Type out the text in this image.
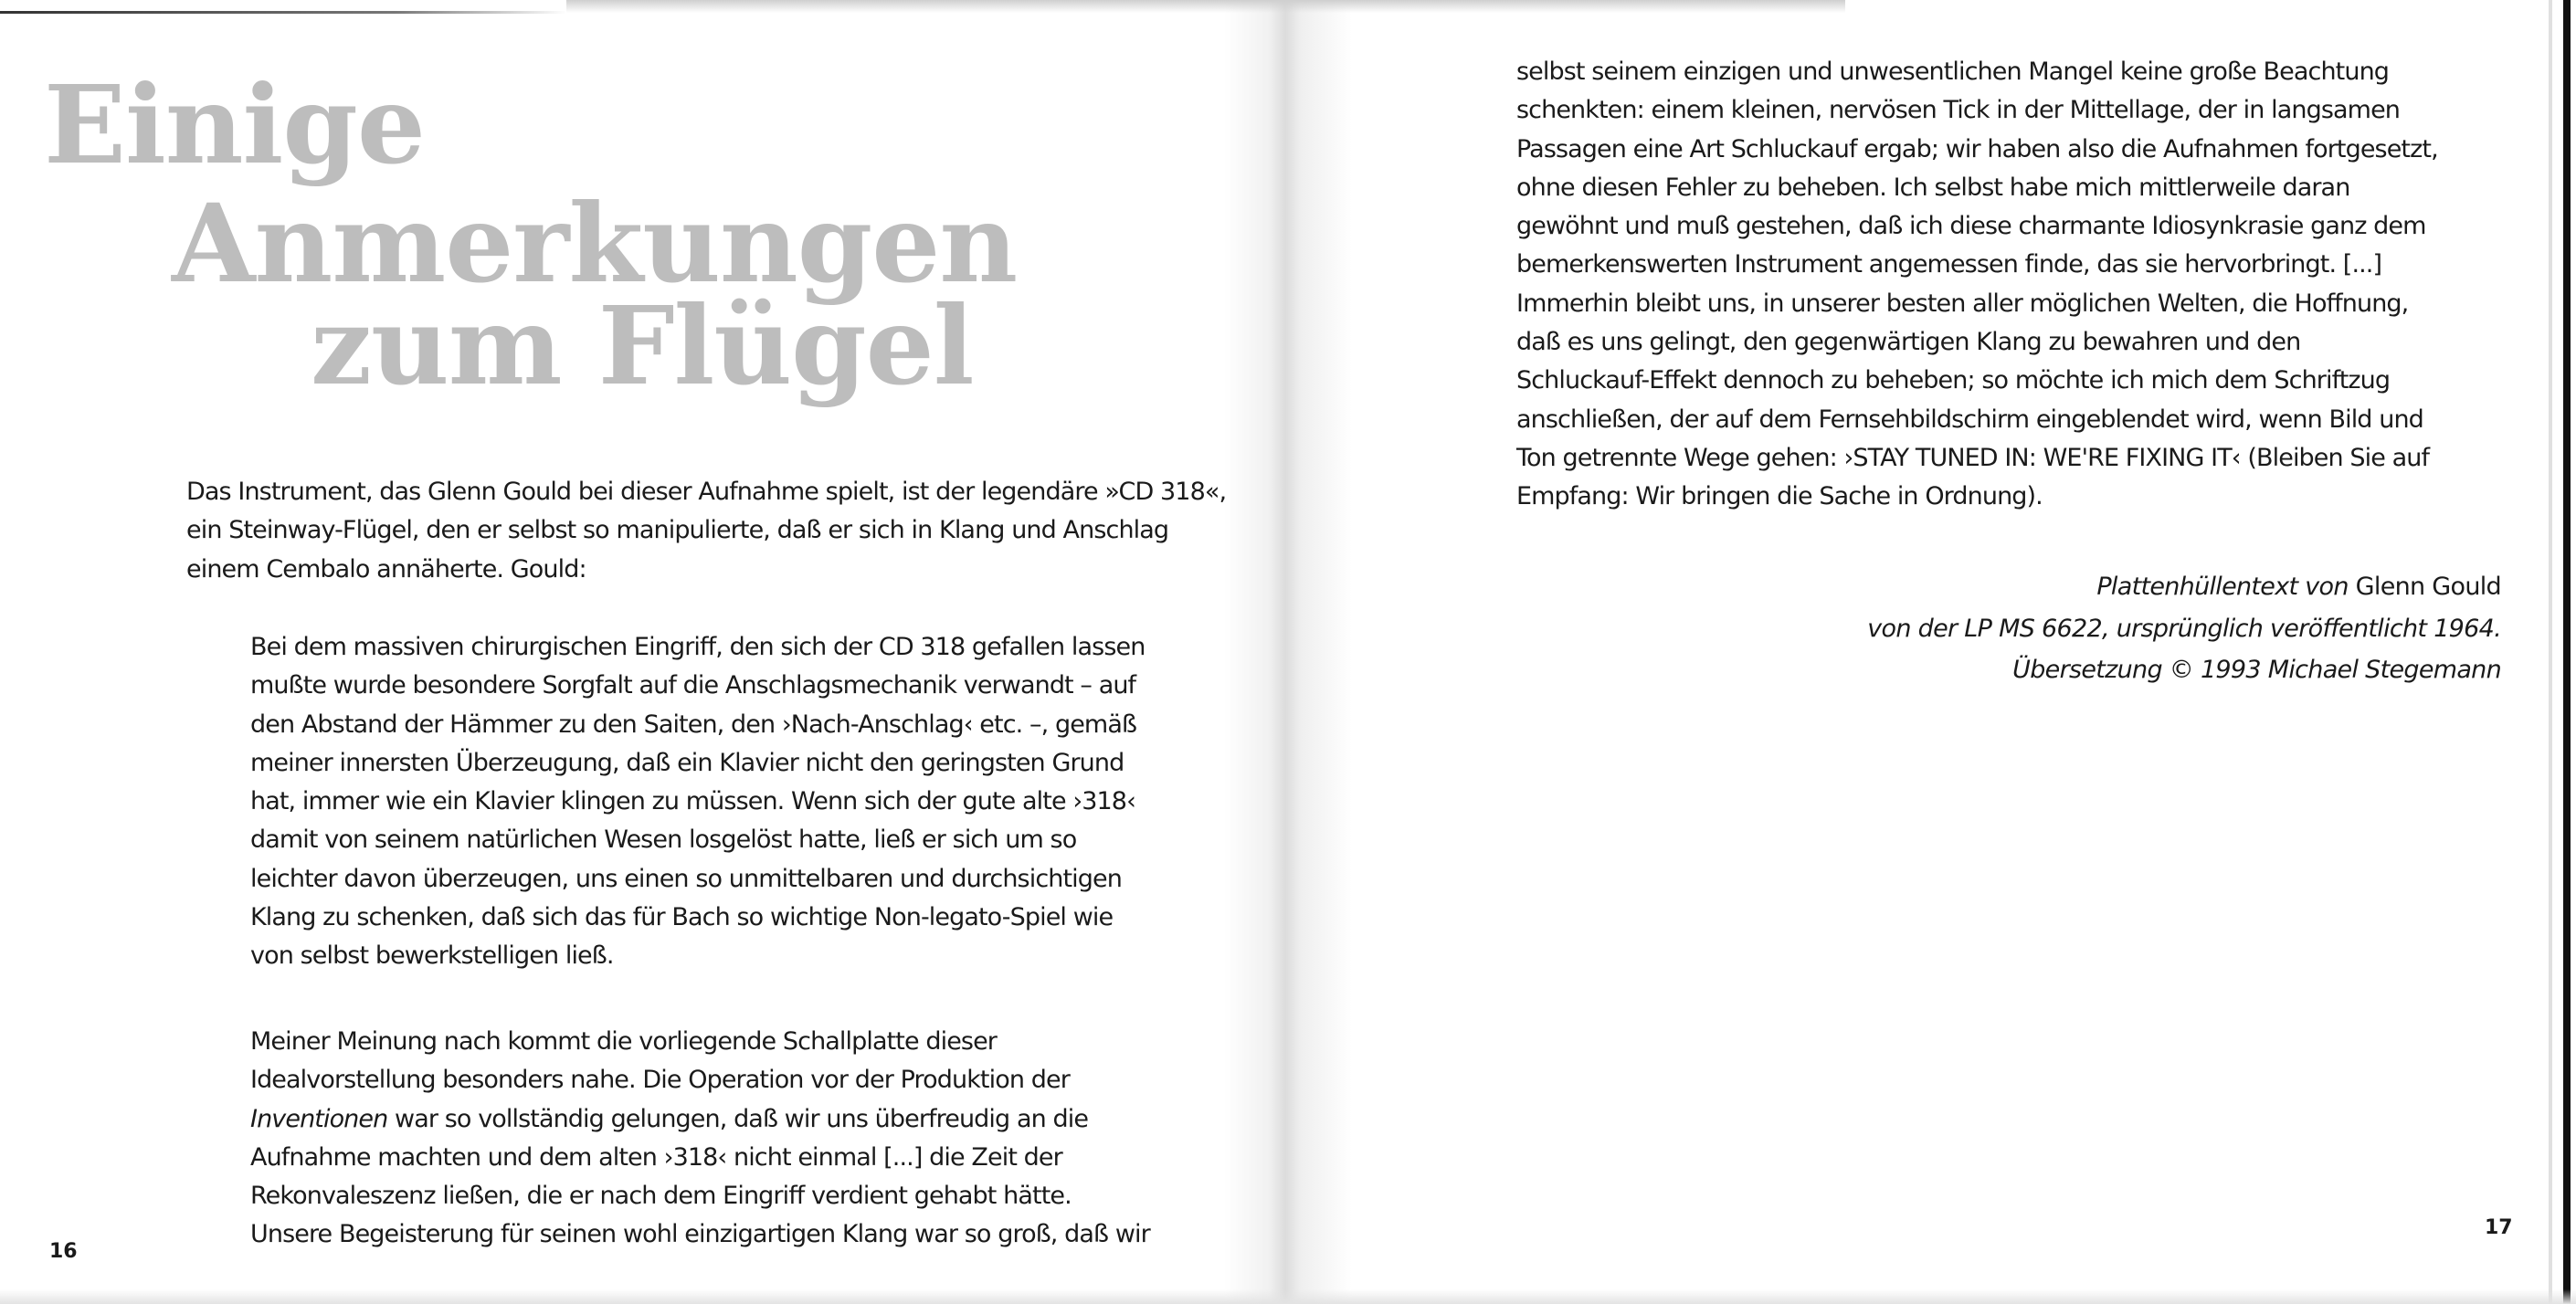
Einige
Anmerkungen
zum Flügel
Das Instrument, das Glenn Gould bei dieser Aufnahme spielt, ist der legendäre »CD 318«,
ein Steinway-Flügel, den er selbst so manipulierte, daß er sich in Klang und Anschlag
einem Cembalo annäherte. Gould:
Bei dem massiven chirurgischen Eingriff, den sich der CD 318 gefallen lassen
mußte wurde besondere Sorgfalt auf die Anschlagsmechanik verwandt – auf
den Abstand der Hämmer zu den Saiten, den ›Nach-Anschlag‹ etc. –, gemäß
meiner innersten Überzeugung, daß ein Klavier nicht den geringsten Grund
hat, immer wie ein Klavier klingen zu müssen. Wenn sich der gute alte ›318‹
damit von seinem natürlichen Wesen losgelöst hatte, ließ er sich um so
leichter davon überzeugen, uns einen so unmittelbaren und durchsichtigen
Klang zu schenken, daß sich das für Bach so wichtige Non-legato-Spiel wie
von selbst bewerkstelligen ließ.
Meiner Meinung nach kommt die vorliegende Schallplatte dieser
Idealvorstellung besonders nahe. Die Operation vor der Produktion der
Inventionen war so vollständig gelungen, daß wir uns überfreudig an die
Aufnahme machten und dem alten ›318‹ nicht einmal [...] die Zeit der
Rekonvaleszenz ließen, die er nach dem Eingriff verdient gehabt hätte.
Unsere Begeisterung für seinen wohl einzigartigen Klang war so groß, daß wir
16
selbst seinem einzigen und unwesentlichen Mangel keine große Beachtung
schenkten: einem kleinen, nervösen Tick in der Mittellage, der in langsamen
Passagen eine Art Schluckauf ergab; wir haben also die Aufnahmen fortgesetzt,
ohne diesen Fehler zu beheben. Ich selbst habe mich mittlerweile daran
gewöhnt und muß gestehen, daß ich diese charmante Idiosynkrasie ganz dem
bemerkenswerten Instrument angemessen finde, das sie hervorbringt. [...]
Immerhin bleibt uns, in unserer besten aller möglichen Welten, die Hoffnung,
daß es uns gelingt, den gegenwärtigen Klang zu bewahren und den
Schluckauf-Effekt dennoch zu beheben; so möchte ich mich dem Schriftzug
anschließen, der auf dem Fernsehbildschirm eingeblendet wird, wenn Bild und
Ton getrennte Wege gehen: ›STAY TUNED IN: WE'RE FIXING IT‹ (Bleiben Sie auf
Empfang: Wir bringen die Sache in Ordnung).
Plattenhüllentext von Glenn Gould
von der LP MS 6622, ursprünglich veröffentlicht 1964.
Übersetzung © 1993 Michael Stegemann
17
